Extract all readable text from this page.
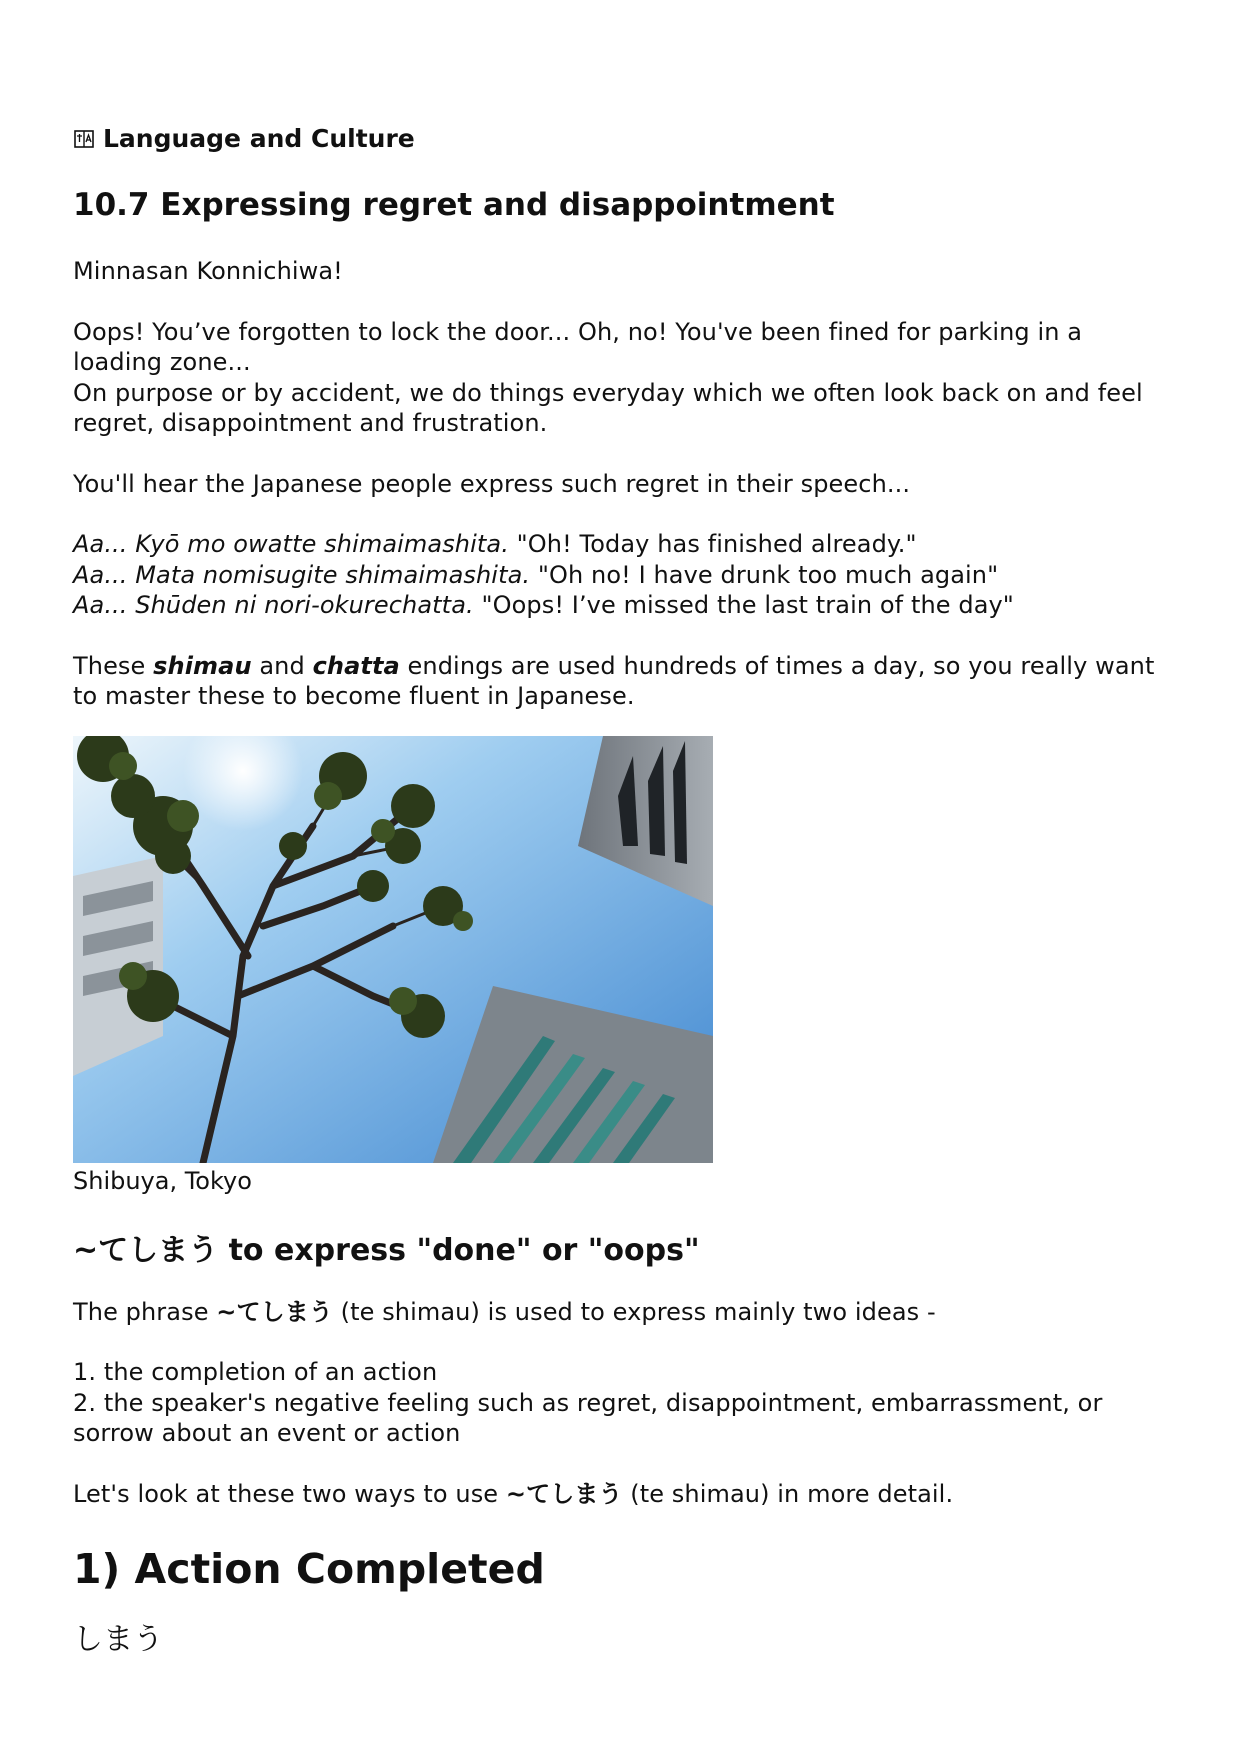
Language and Culture
10.7 Expressing regret and disappointment

Minnasan Konnichiwa!

Oops! You’ve forgotten to lock the door... Oh, no! You've been fined for parking in a loading zone...

On purpose or by accident, we do things everyday which we often look back on and feel regret, disappointment and frustration.

You'll hear the Japanese people express such regret in their speech...

Aa... Kyō mo owatte shimaimashita. "Oh! Today has finished already."

Aa... Mata nomisugite shimaimashita. "Oh no! I have drunk too much again"

Aa... Shūden ni nori-okurechatta. "Oops! I’ve missed the last train of the day"

These shimau and chatta endings are used hundreds of times a day, so you really want to master these to become fluent in Japanese.

Shibuya, Tokyo
~てしまう to express "done" or "oops"

The phrase ~てしまう (te shimau) is used to express mainly two ideas -

1. the completion of an action

2. the speaker's negative feeling such as regret, disappointment, embarrassment, or sorrow about an event or action

Let's look at these two ways to use ~てしまう (te shimau) in more detail.

1) Action Completed

しまう
